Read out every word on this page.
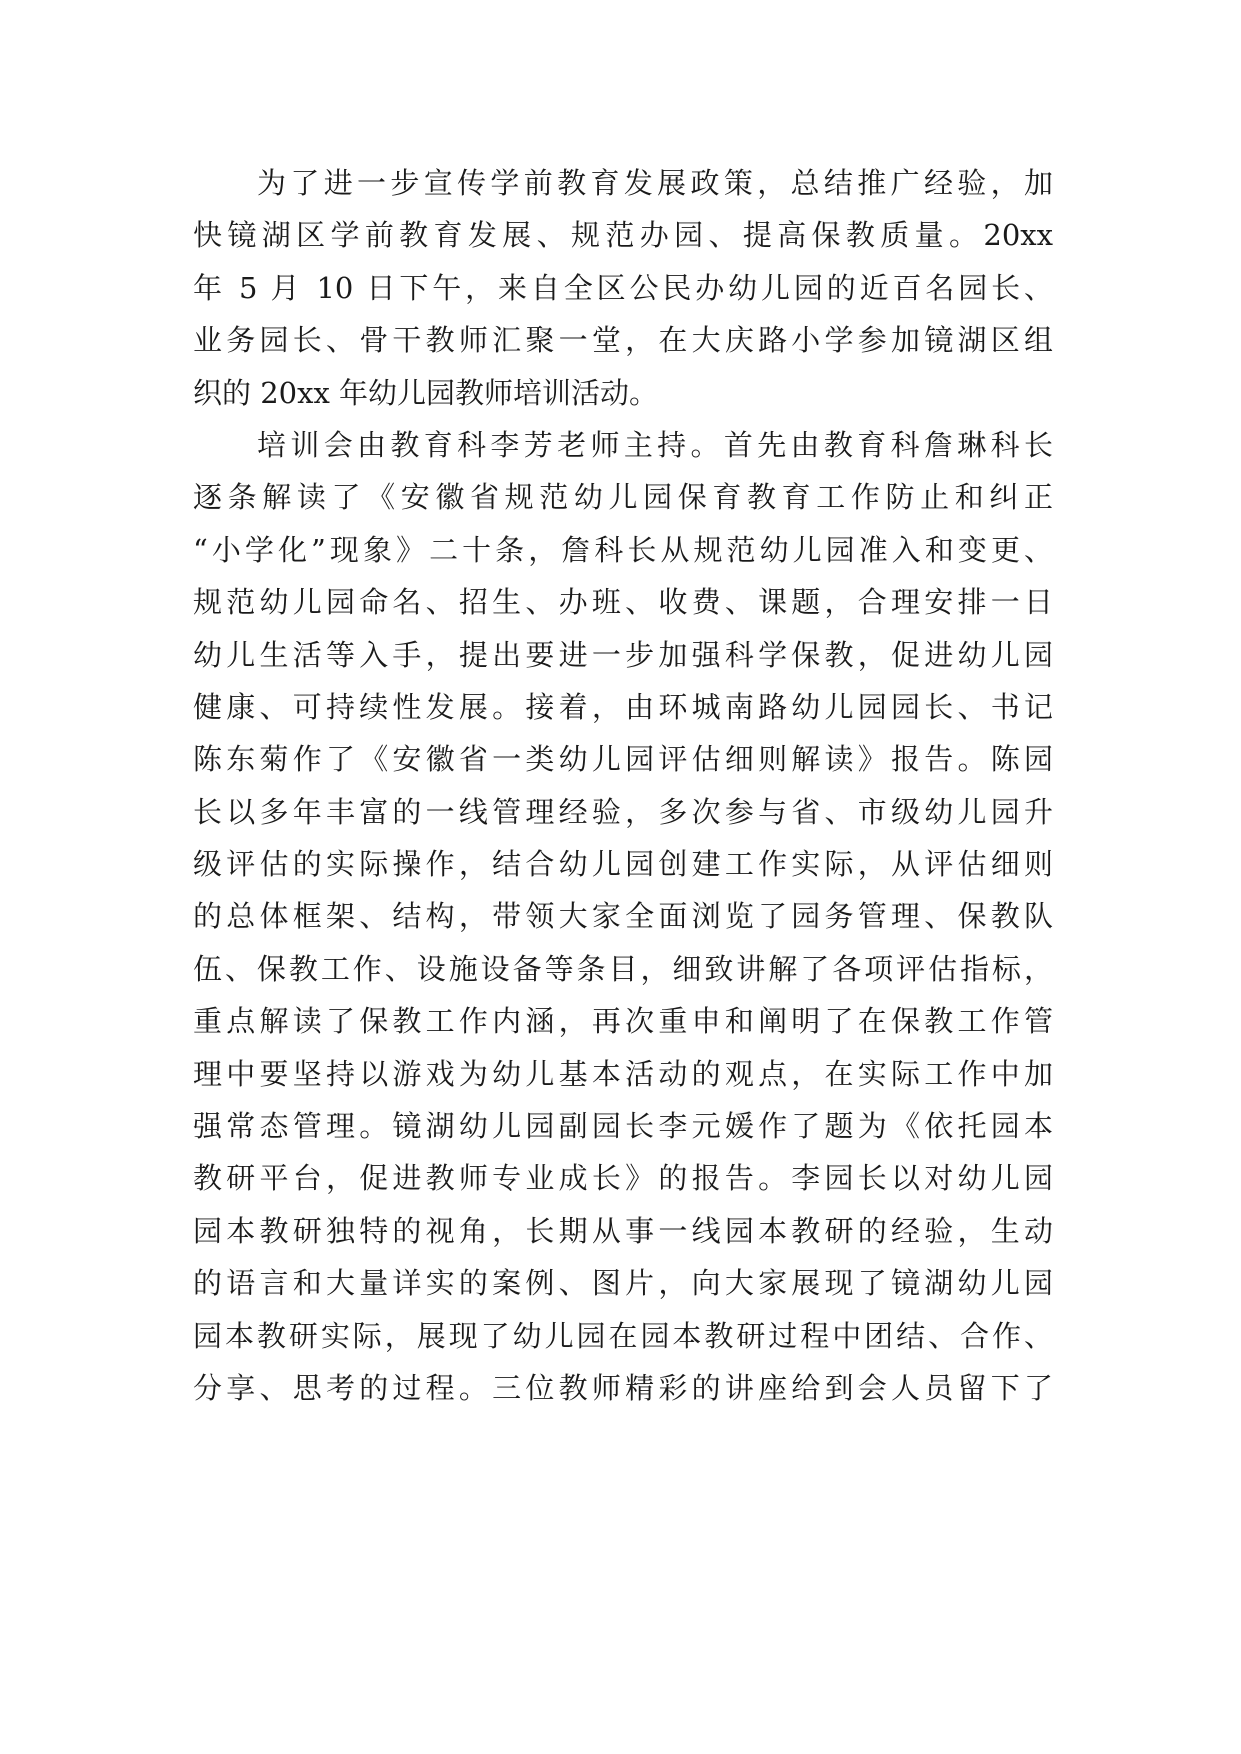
为了进一步宣传学前教育发展政策，总结推广经验，加
快镜湖区学前教育发展、规范办园、提高保教质量。20xx
年 5 月 10 日下午，来自全区公民办幼儿园的近百名园长、
业务园长、骨干教师汇聚一堂，在大庆路小学参加镜湖区组
织的 20xx 年幼儿园教师培训活动。
培训会由教育科李芳老师主持。首先由教育科詹琳科长
逐条解读了《安徽省规范幼儿园保育教育工作防止和纠正
“小学化”现象》二十条，詹科长从规范幼儿园准入和变更、
规范幼儿园命名、招生、办班、收费、课题，合理安排一日
幼儿生活等入手，提出要进一步加强科学保教，促进幼儿园
健康、可持续性发展。接着，由环城南路幼儿园园长、书记
陈东菊作了《安徽省一类幼儿园评估细则解读》报告。陈园
长以多年丰富的一线管理经验，多次参与省、市级幼儿园升
级评估的实际操作，结合幼儿园创建工作实际，从评估细则
的总体框架、结构，带领大家全面浏览了园务管理、保教队
伍、保教工作、设施设备等条目，细致讲解了各项评估指标，
重点解读了保教工作内涵，再次重申和阐明了在保教工作管
理中要坚持以游戏为幼儿基本活动的观点，在实际工作中加
强常态管理。镜湖幼儿园副园长李元媛作了题为《依托园本
教研平台，促进教师专业成长》的报告。李园长以对幼儿园
园本教研独特的视角，长期从事一线园本教研的经验，生动
的语言和大量详实的案例、图片，向大家展现了镜湖幼儿园
园本教研实际，展现了幼儿园在园本教研过程中团结、合作、
分享、思考的过程。三位教师精彩的讲座给到会人员留下了
